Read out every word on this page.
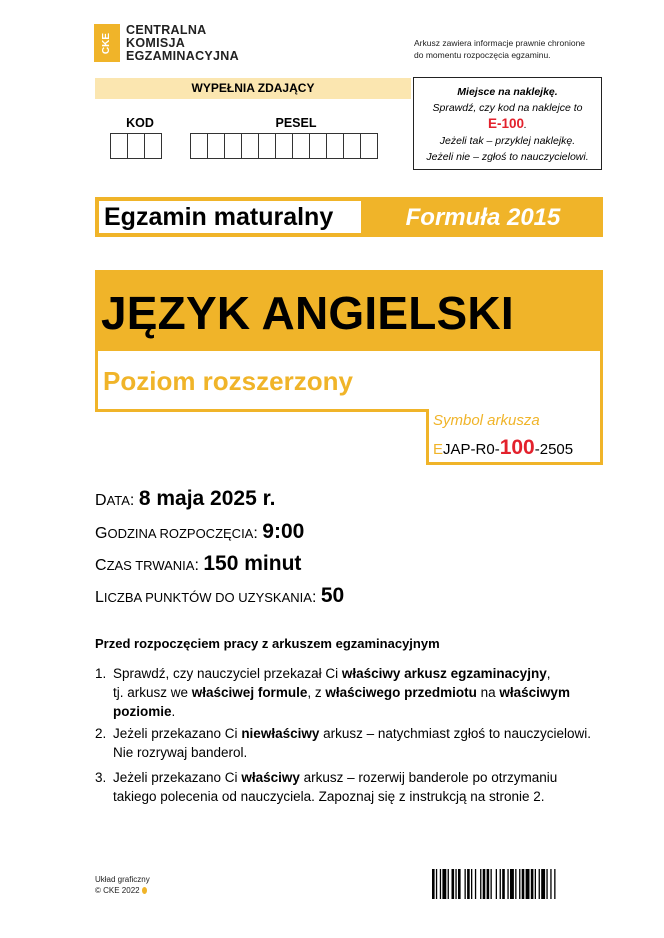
CKE
CENTRALNA
KOMISJA
EGZAMINACYJNA
Arkusz zawiera informacje prawnie chronione
do momentu rozpoczęcia egzaminu.
WYPEŁNIA ZDAJĄCY
KOD	PESEL
Miejsce na naklejkę.
Sprawdź, czy kod na naklejce to
E-100.
Jeżeli tak – przyklej naklejkę.
Jeżeli nie – zgłoś to nauczycielowi.
Egzamin maturalny	Formuła 2015
JĘZYK ANGIELSKI
Poziom rozszerzony
Symbol arkusza
EJAP-R0-100-2505
DATA: 8 maja 2025 r.
GODZINA ROZPOCZĘCIA: 9:00
CZAS TRWANIA: 150 minut
LICZBA PUNKTÓW DO UZYSKANIA: 50
Przed rozpoczęciem pracy z arkuszem egzaminacyjnym
1. Sprawdź, czy nauczyciel przekazał Ci właściwy arkusz egzaminacyjny,
tj. arkusz we właściwej formule, z właściwego przedmiotu na właściwym poziomie.
2. Jeżeli przekazano Ci niewłaściwy arkusz – natychmiast zgłoś to nauczycielowi.
Nie rozrywaj banderol.
3. Jeżeli przekazano Ci właściwy arkusz – rozerwij banderole po otrzymaniu
takiego polecenia od nauczyciela. Zapoznaj się z instrukcją na stronie 2.
Układ graficzny
© CKE 2022
